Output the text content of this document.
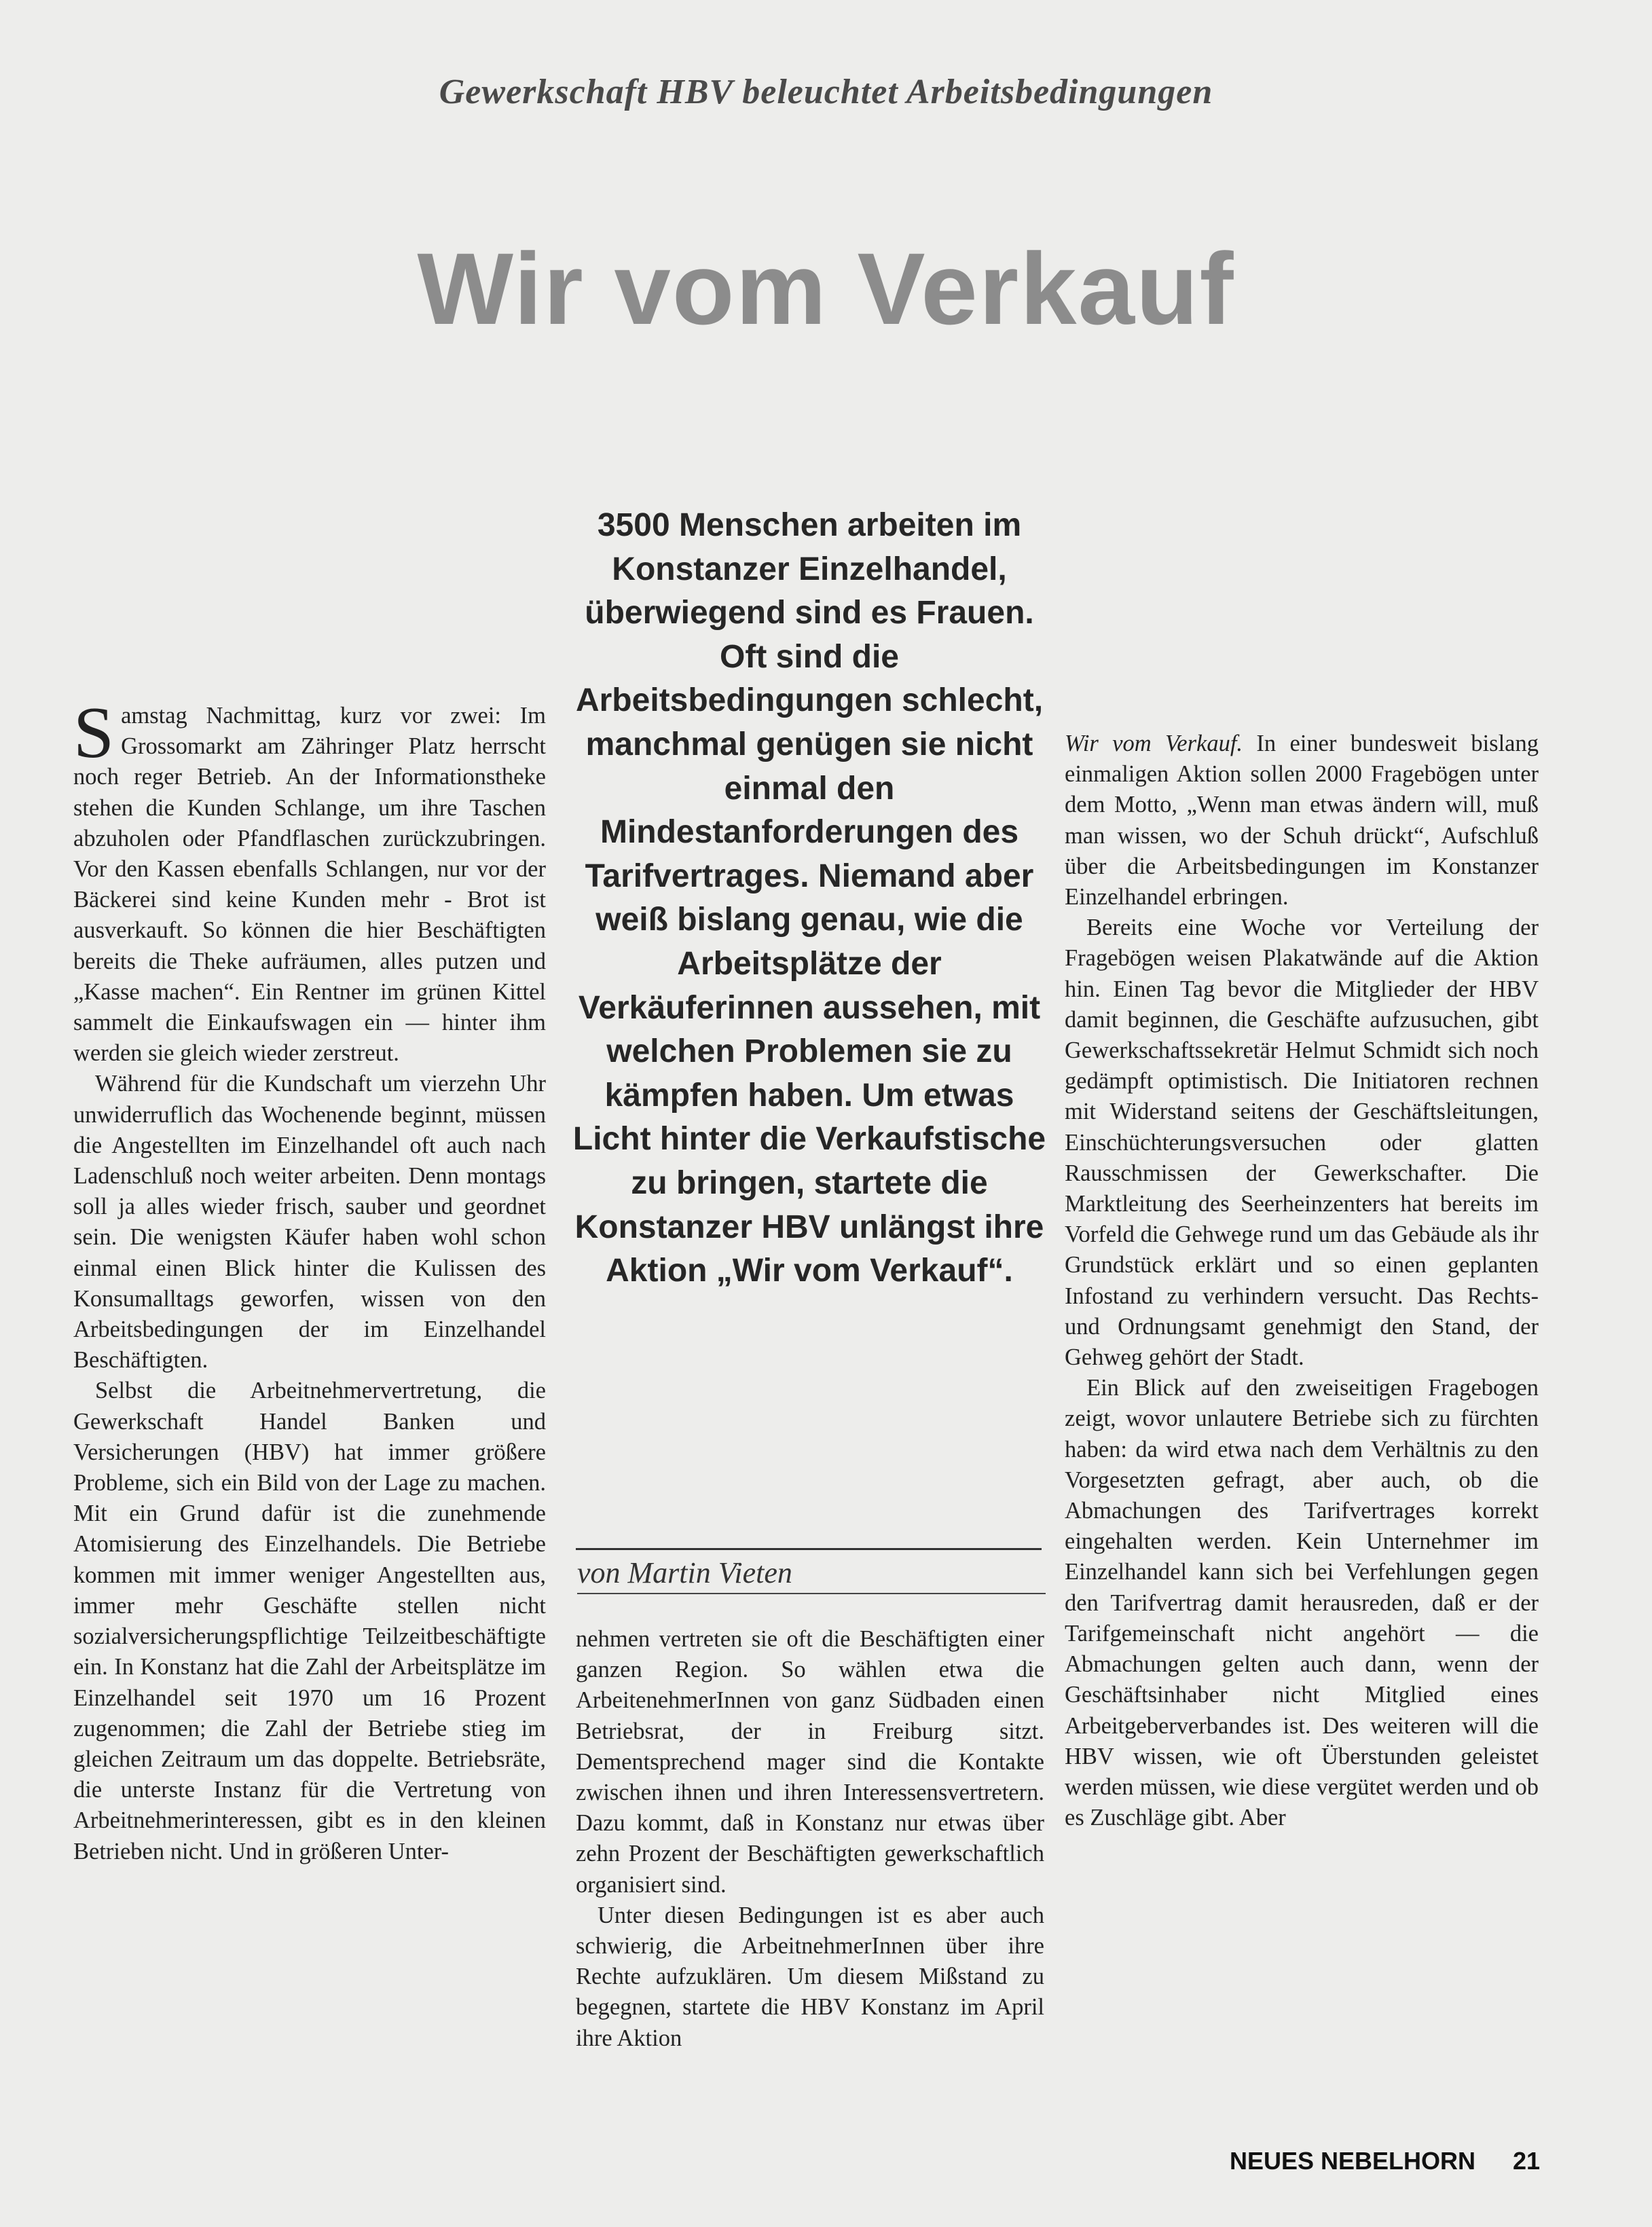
Gewerkschaft HBV beleuchtet Arbeitsbedingungen
Wir vom Verkauf
3500 Menschen arbeiten im Konstanzer Einzelhandel, überwiegend sind es Frauen. Oft sind die Arbeitsbedingungen schlecht, manchmal genügen sie nicht einmal den Mindestanforderungen des Tarifvertrages. Niemand aber weiß bislang genau, wie die Arbeitsplätze der Verkäuferinnen aussehen, mit welchen Problemen sie zu kämpfen haben. Um etwas Licht hinter die Verkaufstische zu bringen, startete die Konstanzer HBV unlängst ihre Aktion „Wir vom Verkauf“.

Samstag Nachmittag, kurz vor zwei: Im Grossomarkt am Zähringer Platz herrscht noch reger Betrieb. An der Informationstheke stehen die Kunden Schlange, um ihre Taschen abzuholen oder Pfandflaschen zurückzubringen. Vor den Kassen ebenfalls Schlangen, nur vor der Bäckerei sind keine Kunden mehr - Brot ist ausverkauft. So können die hier Beschäftigten bereits die Theke aufräumen, alles putzen und „Kasse machen“. Ein Rentner im grünen Kittel sammelt die Einkaufswagen ein — hinter ihm werden sie gleich wieder zerstreut.

Während für die Kundschaft um vierzehn Uhr unwiderruflich das Wochenende beginnt, müssen die Angestellten im Einzelhandel oft auch nach Ladenschluß noch weiter arbeiten. Denn montags soll ja alles wieder frisch, sauber und geordnet sein. Die wenigsten Käufer haben wohl schon einmal einen Blick hinter die Kulissen des Konsumalltags geworfen, wissen von den Arbeitsbedingungen der im Einzelhandel Beschäftigten.

Selbst die Arbeitnehmervertretung, die Gewerkschaft Handel Banken und Versicherungen (HBV) hat immer größere Probleme, sich ein Bild von der Lage zu machen. Mit ein Grund dafür ist die zunehmende Atomisierung des Einzelhandels. Die Betriebe kommen mit immer weniger Angestellten aus, immer mehr Geschäfte stellen nicht sozialversicherungspflichtige Teilzeitbeschäftigte ein. In Konstanz hat die Zahl der Arbeitsplätze im Einzelhandel seit 1970 um 16 Prozent zugenommen; die Zahl der Betriebe stieg im gleichen Zeitraum um das doppelte. Betriebsräte, die unterste Instanz für die Vertretung von Arbeitnehmerinteressen, gibt es in den kleinen Betrieben nicht. Und in größeren Unter-

von Martin Vieten

nehmen vertreten sie oft die Beschäftigten einer ganzen Region. So wählen etwa die ArbeitenehmerInnen von ganz Südbaden einen Betriebsrat, der in Freiburg sitzt. Dementsprechend mager sind die Kontakte zwischen ihnen und ihren Interessensvertretern. Dazu kommt, daß in Konstanz nur etwas über zehn Prozent der Beschäftigten gewerkschaftlich organisiert sind.

Unter diesen Bedingungen ist es aber auch schwierig, die ArbeitnehmerInnen über ihre Rechte aufzuklären. Um diesem Mißstand zu begegnen, startete die HBV Konstanz im April ihre Aktion

Wir vom Verkauf. In einer bundesweit bislang einmaligen Aktion sollen 2000 Fragebögen unter dem Motto, „Wenn man etwas ändern will, muß man wissen, wo der Schuh drückt“, Aufschluß über die Arbeitsbedingungen im Konstanzer Einzelhandel erbringen.

Bereits eine Woche vor Verteilung der Fragebögen weisen Plakatwände auf die Aktion hin. Einen Tag bevor die Mitglieder der HBV damit beginnen, die Geschäfte aufzusuchen, gibt Gewerkschaftssekretär Helmut Schmidt sich noch gedämpft optimistisch. Die Initiatoren rechnen mit Widerstand seitens der Geschäftsleitungen, Einschüchterungsversuchen oder glatten Rausschmissen der Gewerkschafter. Die Marktleitung des Seerheinzenters hat bereits im Vorfeld die Gehwege rund um das Gebäude als ihr Grundstück erklärt und so einen geplanten Infostand zu verhindern versucht. Das Rechts- und Ordnungsamt genehmigt den Stand, der Gehweg gehört der Stadt.

Ein Blick auf den zweiseitigen Fragebogen zeigt, wovor unlautere Betriebe sich zu fürchten haben: da wird etwa nach dem Verhältnis zu den Vorgesetzten gefragt, aber auch, ob die Abmachungen des Tarifvertrages korrekt eingehalten werden. Kein Unternehmer im Einzelhandel kann sich bei Verfehlungen gegen den Tarifvertrag damit herausreden, daß er der Tarifgemeinschaft nicht angehört — die Abmachungen gelten auch dann, wenn der Geschäftsinhaber nicht Mitglied eines Arbeitgeberverbandes ist. Des weiteren will die HBV wissen, wie oft Überstunden geleistet werden müssen, wie diese vergütet werden und ob es Zuschläge gibt. Aber

NEUES NEBELHORN 21
